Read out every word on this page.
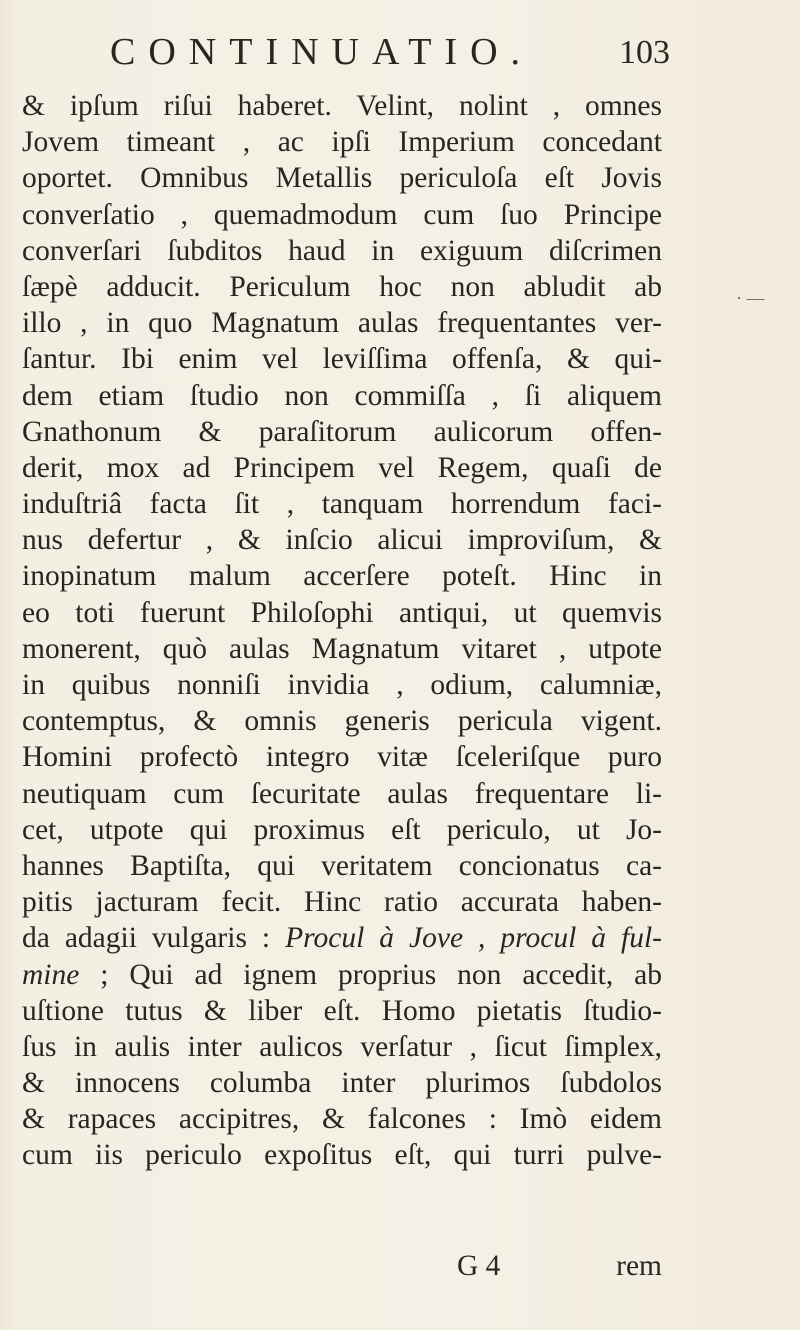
CONTINUATIO.	103
& ipſum riſui haberet. Velint, nolint , omnes
Jovem timeant , ac ipſi Imperium concedant
oportet. Omnibus Metallis periculoſa eſt Jovis
converſatio , quemadmodum cum ſuo Principe
converſari ſubditos haud in exiguum diſcrimen
ſæpè adducit. Periculum hoc non abludit ab
illo , in quo Magnatum aulas frequentantes ver-
ſantur. Ibi enim vel leviſſima offenſa, & qui-
dem etiam ſtudio non commiſſa , ſi aliquem
Gnathonum & paraſitorum aulicorum offen-
derit, mox ad Principem vel Regem, quaſi de
induſtriâ facta ſit , tanquam horrendum faci-
nus defertur , & inſcio alicui improviſum, &
inopinatum malum accerſere poteſt. Hinc in
eo toti fuerunt Philoſophi antiqui, ut quemvis
monerent, quò aulas Magnatum vitaret , utpote
in quibus nonniſi invidia , odium, calumniæ,
contemptus, & omnis generis pericula vigent.
Homini profectò integro vitæ ſceleriſque puro
neutiquam cum ſecuritate aulas frequentare li-
cet, utpote qui proximus eſt periculo, ut Jo-
hannes Baptiſta, qui veritatem concionatus ca-
pitis jacturam fecit. Hinc ratio accurata haben-
da adagii vulgaris : Procul à Jove , procul à ful-
mine ; Qui ad ignem proprius non accedit, ab
uſtione tutus & liber eſt. Homo pietatis ſtudio-
ſus in aulis inter aulicos verſatur , ſicut ſimplex,
& innocens columba inter plurimos ſubdolos
& rapaces accipitres, & falcones : Imò eidem
cum iis periculo expoſitus eſt, qui turri pulve-
G 4	rem
· —
